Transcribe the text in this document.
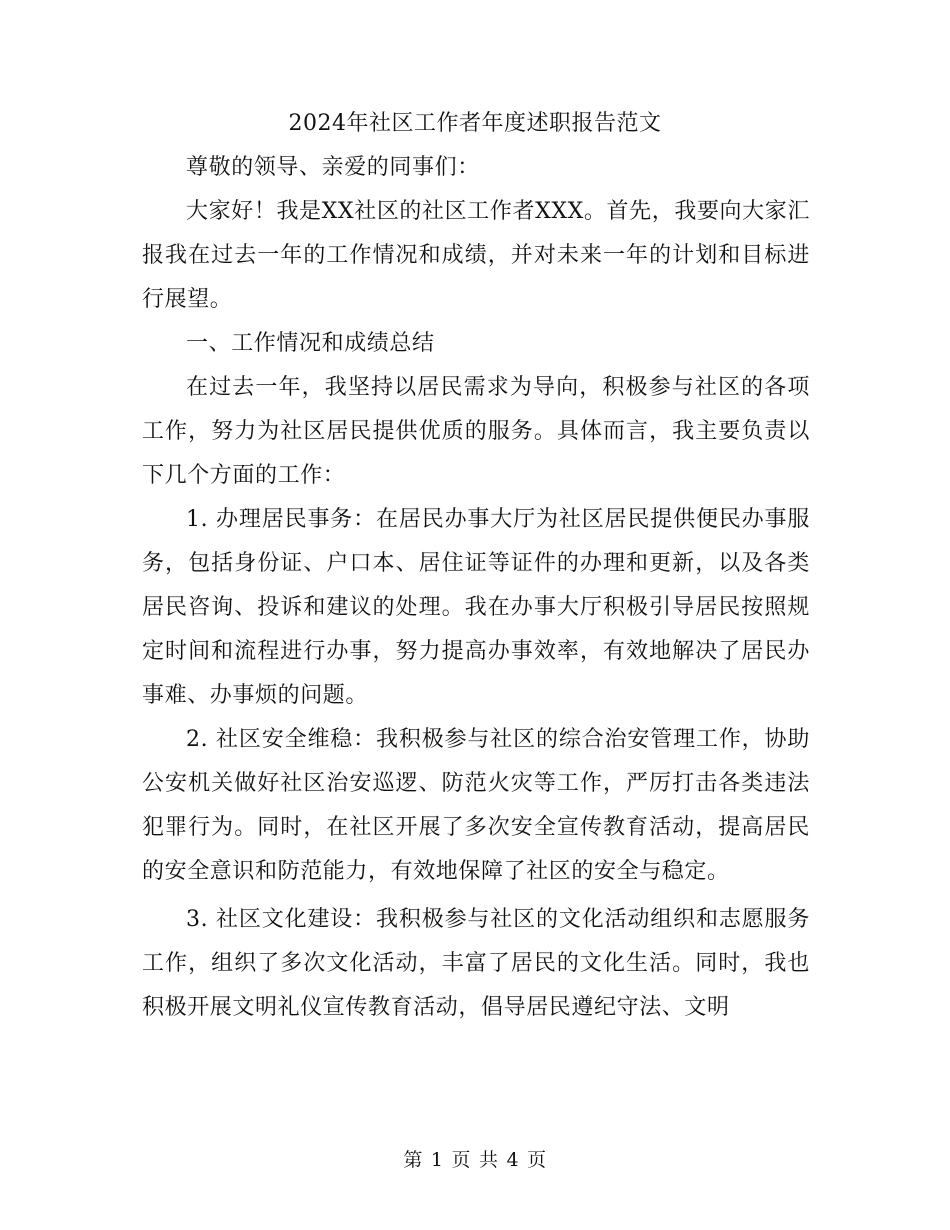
2024年社区工作者年度述职报告范文

尊敬的领导、亲爱的同事们：

大家好！我是XX社区的社区工作者XXX。首先，我要向大家汇报我在过去一年的工作情况和成绩，并对未来一年的计划和目标进行展望。

一、工作情况和成绩总结

在过去一年，我坚持以居民需求为导向，积极参与社区的各项工作，努力为社区居民提供优质的服务。具体而言，我主要负责以下几个方面的工作：

1. 办理居民事务：在居民办事大厅为社区居民提供便民办事服务，包括身份证、户口本、居住证等证件的办理和更新，以及各类居民咨询、投诉和建议的处理。我在办事大厅积极引导居民按照规定时间和流程进行办事，努力提高办事效率，有效地解决了居民办事难、办事烦的问题。

2. 社区安全维稳：我积极参与社区的综合治安管理工作，协助公安机关做好社区治安巡逻、防范火灾等工作，严厉打击各类违法犯罪行为。同时，在社区开展了多次安全宣传教育活动，提高居民的安全意识和防范能力，有效地保障了社区的安全与稳定。

3. 社区文化建设：我积极参与社区的文化活动组织和志愿服务工作，组织了多次文化活动，丰富了居民的文化生活。同时，我也积极开展文明礼仪宣传教育活动，倡导居民遵纪守法、文明

第 1 页 共 4 页
